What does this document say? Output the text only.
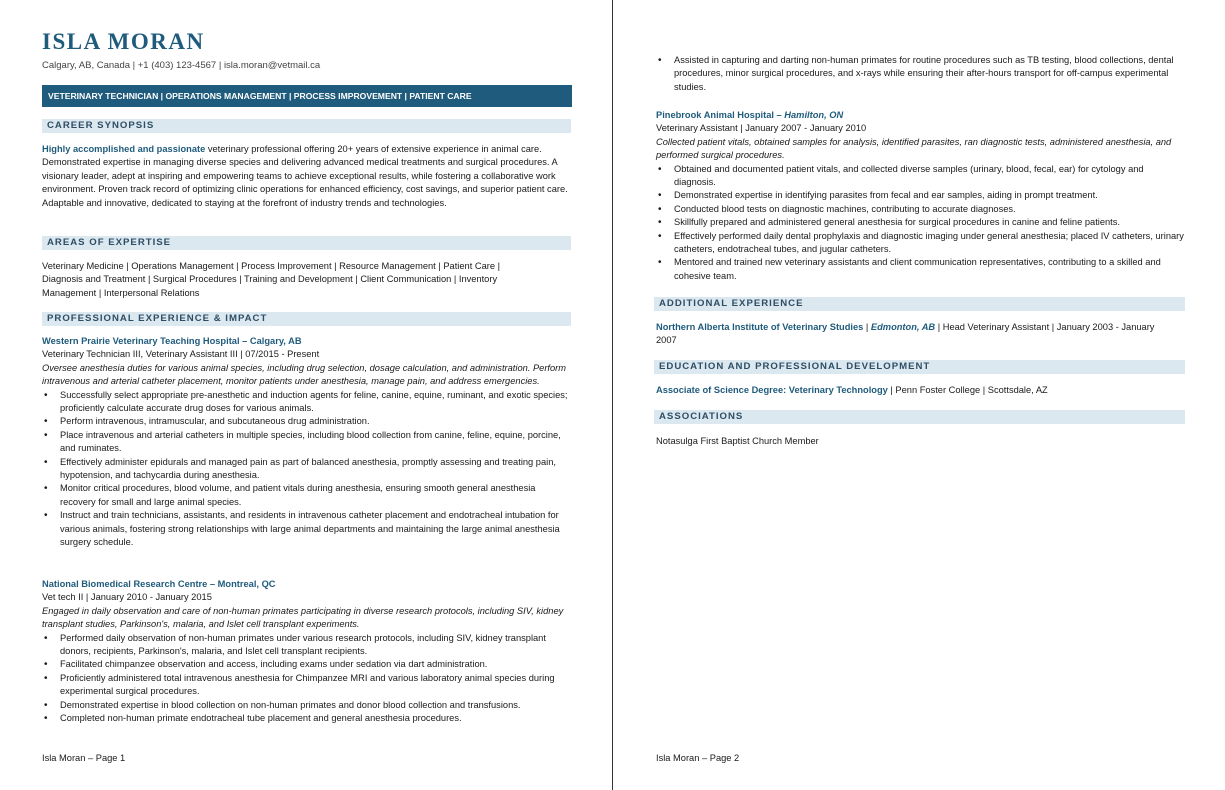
ISLA MORAN
Calgary, AB, Canada | +1 (403) 123-4567 | isla.moran@vetmail.ca
VETERINARY TECHNICIAN | OPERATIONS MANAGEMENT | PROCESS IMPROVEMENT | PATIENT CARE
CAREER SYNOPSIS
Highly accomplished and passionate veterinary professional offering 20+ years of extensive experience in animal care. Demonstrated expertise in managing diverse species and delivering advanced medical treatments and surgical procedures. A visionary leader, adept at inspiring and empowering teams to achieve exceptional results, while fostering a collaborative work environment. Proven track record of optimizing clinic operations for enhanced efficiency, cost savings, and superior patient care. Adaptable and innovative, dedicated to staying at the forefront of industry trends and technologies.
AREAS OF EXPERTISE
Veterinary Medicine | Operations Management | Process Improvement | Resource Management | Patient Care | Diagnosis and Treatment | Surgical Procedures | Training and Development | Client Communication | Inventory Management | Interpersonal Relations
PROFESSIONAL EXPERIENCE & IMPACT
Western Prairie Veterinary Teaching Hospital – Calgary, AB
Veterinary Technician III, Veterinary Assistant III | 07/2015 - Present
Oversee anesthesia duties for various animal species, including drug selection, dosage calculation, and administration. Perform intravenous and arterial catheter placement, monitor patients under anesthesia, manage pain, and address emergencies.
• Successfully select appropriate pre-anesthetic and induction agents for feline, canine, equine, ruminant, and exotic species; proficiently calculate accurate drug doses for various animals.
• Perform intravenous, intramuscular, and subcutaneous drug administration.
• Place intravenous and arterial catheters in multiple species, including blood collection from canine, feline, equine, porcine, and ruminates.
• Effectively administer epidurals and managed pain as part of balanced anesthesia, promptly assessing and treating pain, hypotension, and tachycardia during anesthesia.
• Monitor critical procedures, blood volume, and patient vitals during anesthesia, ensuring smooth general anesthesia recovery for small and large animal species.
• Instruct and train technicians, assistants, and residents in intravenous catheter placement and endotracheal intubation for various animals, fostering strong relationships with large animal departments and maintaining the large animal anesthesia surgery schedule.
National Biomedical Research Centre – Montreal, QC
Vet tech II | January 2010 - January 2015
Engaged in daily observation and care of non-human primates participating in diverse research protocols, including SIV, kidney transplant studies, Parkinson's, malaria, and Islet cell transplant experiments.
• Performed daily observation of non-human primates under various research protocols, including SIV, kidney transplant donors, recipients, Parkinson's, malaria, and Islet cell transplant recipients.
• Facilitated chimpanzee observation and access, including exams under sedation via dart administration.
• Proficiently administered total intravenous anesthesia for Chimpanzee MRI and various laboratory animal species during experimental surgical procedures.
• Demonstrated expertise in blood collection on non-human primates and donor blood collection and transfusions.
• Completed non-human primate endotracheal tube placement and general anesthesia procedures.
Isla Moran – Page 1
• Assisted in capturing and darting non-human primates for routine procedures such as TB testing, blood collections, dental procedures, minor surgical procedures, and x-rays while ensuring their after-hours transport for off-campus experimental studies.
Pinebrook Animal Hospital – Hamilton, ON
Veterinary Assistant | January 2007 - January 2010
Collected patient vitals, obtained samples for analysis, identified parasites, ran diagnostic tests, administered anesthesia, and performed surgical procedures.
• Obtained and documented patient vitals, and collected diverse samples (urinary, blood, fecal, ear) for cytology and diagnosis.
• Demonstrated expertise in identifying parasites from fecal and ear samples, aiding in prompt treatment.
• Conducted blood tests on diagnostic machines, contributing to accurate diagnoses.
• Skillfully prepared and administered general anesthesia for surgical procedures in canine and feline patients.
• Effectively performed daily dental prophylaxis and diagnostic imaging under general anesthesia; placed IV catheters, urinary catheters, endotracheal tubes, and jugular catheters.
• Mentored and trained new veterinary assistants and client communication representatives, contributing to a skilled and cohesive team.
ADDITIONAL EXPERIENCE
Northern Alberta Institute of Veterinary Studies | Edmonton, AB | Head Veterinary Assistant | January 2003 - January 2007
EDUCATION AND PROFESSIONAL DEVELOPMENT
Associate of Science Degree: Veterinary Technology | Penn Foster College | Scottsdale, AZ
ASSOCIATIONS
Notasulga First Baptist Church Member
Isla Moran – Page 2
